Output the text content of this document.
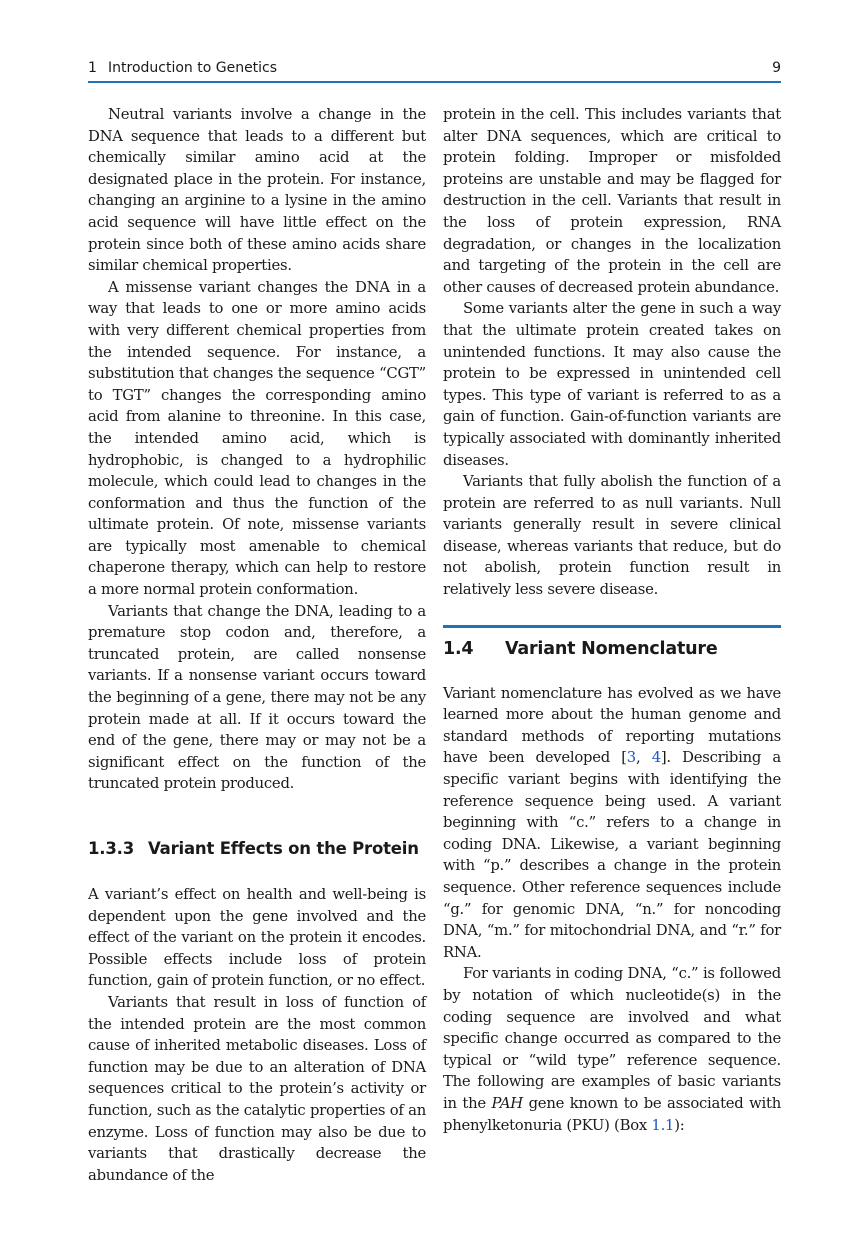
1 Introduction to Genetics	9

Neutral variants involve a change in the DNA sequence that leads to a different but chemically similar amino acid at the designated place in the protein. For instance, changing an arginine to a lysine in the amino acid sequence will have little effect on the protein since both of these amino acids share similar chemical properties.

A missense variant changes the DNA in a way that leads to one or more amino acids with very different chemical properties from the intended sequence. For instance, a substitution that changes the sequence “CGT” to TGT” changes the corresponding amino acid from alanine to threonine. In this case, the intended amino acid, which is hydrophobic, is changed to a hydrophilic molecule, which could lead to changes in the conformation and thus the function of the ultimate protein. Of note, missense variants are typically most amenable to chemical chaperone therapy, which can help to restore a more normal protein conformation.

Variants that change the DNA, leading to a premature stop codon and, therefore, a truncated protein, are called nonsense variants. If a nonsense variant occurs toward the beginning of a gene, there may not be any protein made at all. If it occurs toward the end of the gene, there may or may not be a significant effect on the function of the truncated protein produced.

1.3.3 Variant Effects on the Protein

A variant’s effect on health and well-being is dependent upon the gene involved and the effect of the variant on the protein it encodes. Possible effects include loss of protein function, gain of protein function, or no effect.

Variants that result in loss of function of the intended protein are the most common cause of inherited metabolic diseases. Loss of function may be due to an alteration of DNA sequences critical to the protein’s activity or function, such as the catalytic properties of an enzyme. Loss of function may also be due to variants that drastically decrease the abundance of the

protein in the cell. This includes variants that alter DNA sequences, which are critical to protein folding. Improper or misfolded proteins are unstable and may be flagged for destruction in the cell. Variants that result in the loss of protein expression, RNA degradation, or changes in the localization and targeting of the protein in the cell are other causes of decreased protein abundance.

Some variants alter the gene in such a way that the ultimate protein created takes on unintended functions. It may also cause the protein to be expressed in unintended cell types. This type of variant is referred to as a gain of function. Gain-of-function variants are typically associated with dominantly inherited diseases.

Variants that fully abolish the function of a protein are referred to as null variants. Null variants generally result in severe clinical disease, whereas variants that reduce, but do not abolish, protein function result in relatively less severe disease.

1.4 Variant Nomenclature

Variant nomenclature has evolved as we have learned more about the human genome and standard methods of reporting mutations have been developed [3, 4]. Describing a specific variant begins with identifying the reference sequence being used. A variant beginning with “c.” refers to a change in coding DNA. Likewise, a variant beginning with “p.” describes a change in the protein sequence. Other reference sequences include “g.” for genomic DNA, “n.” for noncoding DNA, “m.” for mitochondrial DNA, and “r.” for RNA.

For variants in coding DNA, “c.” is followed by notation of which nucleotide(s) in the coding sequence are involved and what specific change occurred as compared to the typical or “wild type” reference sequence. The following are examples of basic variants in the PAH gene known to be associated with phenylketonuria (PKU) (Box 1.1):
